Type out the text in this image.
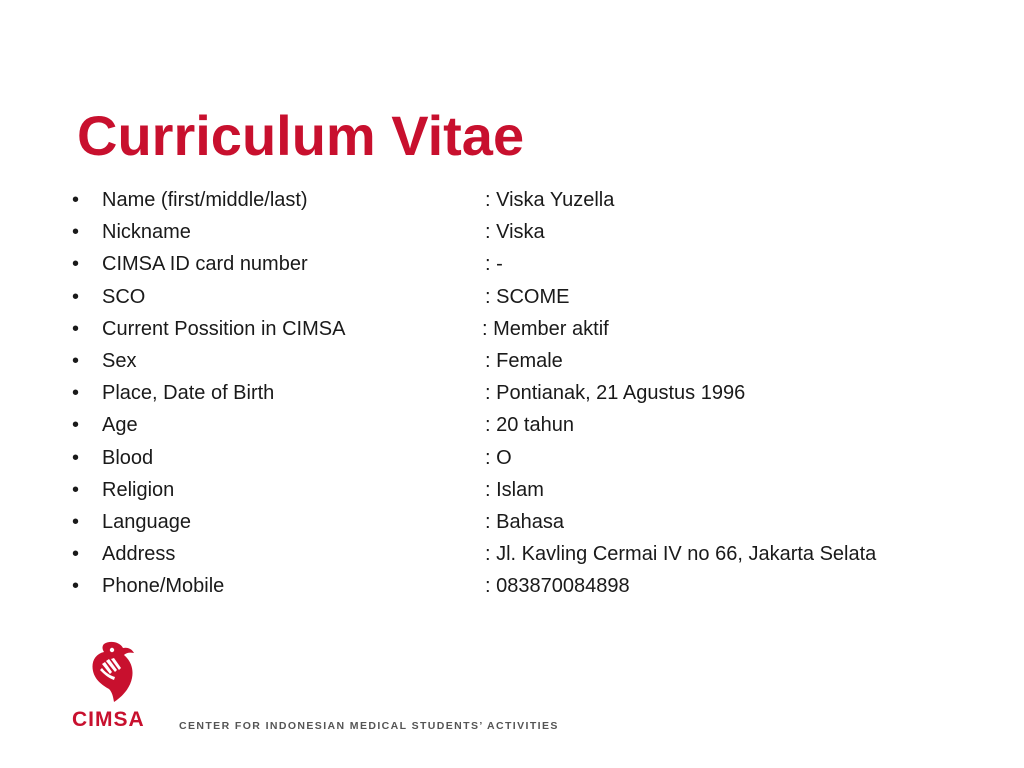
Curriculum Vitae
•	Name (first/middle/last)	: Viska Yuzella
•	Nickname	: Viska
•	CIMSA ID card number	: -
•	SCO	: SCOME
•	Current Possition in CIMSA	: Member aktif
•	Sex	: Female
•	Place, Date of Birth	: Pontianak, 21 Agustus 1996
•	Age	: 20 tahun
•	Blood	: O
•	Religion	: Islam
•	Language	: Bahasa
•	Address	: Jl. Kavling Cermai IV no 66, Jakarta Selata
•	Phone/Mobile	: 083870084898
CIMSA	CENTER FOR INDONESIAN MEDICAL STUDENTS’ ACTIVITIES
